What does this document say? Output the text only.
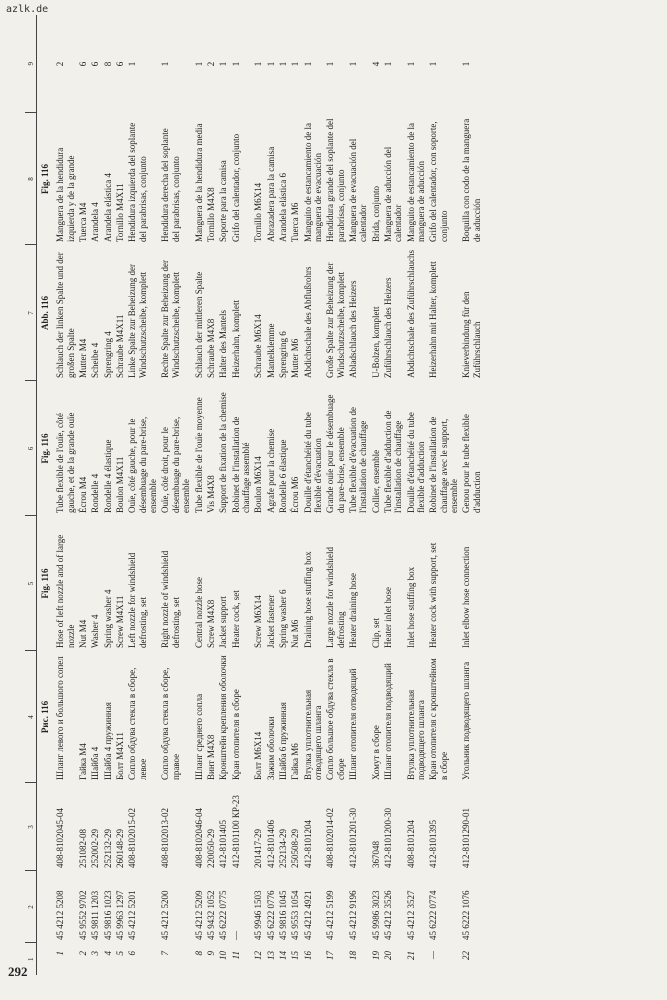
azlk.de
292
1	2	3	4	5	6	7	8	9
			Рис. 116	Fig. 116	Fig. 116	Abb. 116	Fig. 116	
1	45 4212 5208	408-8102045-04	Шланг левого и большого сопел	Hose of left nozzle and of large nozzle	Tube flexible de l'ouïe, côté gauche, et de la grande ouïe	Schlauch der linken Spalte und der großen Spalte	Manguera de la hendidura izquierda y de la grande	2
2	45 9552 9702	251082-08	Гайка М4	Nut M4	Écrou M4	Mutter M4	Tuerca M4	6
3	45 9811 1203	252002-29	Шайба 4	Washer 4	Rondelle 4	Scheibe 4	Arandela 4	6
4	45 9816 1023	252132-29	Шайба 4 пружинная	Spring washer 4	Rondelle 4 élastique	Sprengring 4	Arandela elástica 4	8
5	45 9963 1297	260148-29	Болт М4Х11	Screw M4X11	Boulon M4X11	Schraube M4X11	Tornillo M4X11	6
6	45 4212 5201	408-8102015-02	Сопло обдува стекла в сборе, левое	Left nozzle for windshield defrosting, set	Ouïe, côté gauche, pour le désembuage du pare-brise, ensemble	Linke Spalte zur Beheizung der Windschutzscheibe, komplett	Hendidura izquierda del soplante del parabrisas, conjunto	1
7	45 4212 5200	408-8102013-02	Сопло обдува стекла в сборе, правое	Right nozzle of windshield defrosting, set	Ouïe, côté droit, pour le désembuage du pare-brise, ensemble	Rechte Spalte zur Beheizung der Windschutzscheibe, komplett	Hendidura derecha del soplante del parabrisas, conjunto	1
8	45 4212 5209	408-8102046-04	Шланг среднего сопла	Central nozzle hose	Tube flexible de l'ouïe moyenne	Schlauch der mittleren Spalte	Manguera de la hendidura media	1
9	45 9432 1052	220050-29	Винт М4Х8	Screw M4X8	Vis M4X8	Schraube M4X8	Tornillo M4X8	2
10	45 6222 0775	412-8101405	Кронштейн крепления оболочки	Jacket support	Support de fixation de la chemise	Halter des Mantels	Soporte para la camisa	1
11	—	412-8101100 КР-23	Кран отопителя в сборе	Heater cock, set	Robinet de l'installation de chauffage assemblé	Heizerhahn, komplett	Grifo del calentador, conjunto	1
12	45 9946 1503	201417-29	Болт М6Х14	Screw M6X14	Boulon M6X14	Schraube M6X14	Tornillo M6X14	1
13	45 6222 0776	412-8101406	Зажим оболочки	Jacket fastener	Agrafe pour la chemise	Mantelklemme	Abrazadera para la camisa	1
14	45 9816 1045	252134-29	Шайба 6 пружинная	Spring washer 6	Rondelle 6 élastique	Sprengring 6	Arandela elástica 6	1
15	45 9553 1054	250508-29	Гайка М6	Nut M6	Écrou M6	Mutter M6	Tuerca M6	1
16	45 4212 4921	412-8101204	Втулка уплотнительная отводящего шланга	Draining hose stuffing box	Douille d'étanchéité du tube flexible d'évacuation	Abdichtschale des Abflußrohrs	Manguito de estancamiento de la manguera de evacuación	1
17	45 4212 5199	408-8102014-02	Сопло большое обдува стекла в сборе	Large nozzle for windshield defrosting	Grande ouïe pour le désembuage du pare-brise, ensemble	Große Spalte zur Beheizung der Windschutzscheibe, komplett	Hendidura grande del soplante del parabrisas, conjunto	1
18	45 4212 9196	412-8101201-30	Шланг отопителя отводящий	Heater draining hose	Tube flexible d'évacuation de l'installation de chauffage	Abladschlauch des Heizers	Manguera de evacuación del calentador	1
19	45 9986 3023	367048	Хомут в сборе	Clip, set	Collier, ensemble	U-Bolzen, komplett	Brida, conjunto	4
20	45 4212 3526	412-8101200-30	Шланг отопителя подводящий	Heater inlet hose	Tube flexible d'adduction de l'installation de chauffage	Zuführschlauch des Heizers	Manguera de aducción del calentador	1
21	45 4212 3527	408-8101204	Втулка уплотнительная подводящего шланга	Inlet hose stuffing box	Douille d'étanchéité du tube flexible d'adduction	Abdichtschale des Zuführschlauchs	Manguito de estancamiento de la manguera de aducción	1
—	45 6222 0774	412-8101395	Кран отопителя с кронштейном в сборе	Heater cock with support, set	Robinet de l'installation de chauffage avec le support, ensemble	Heizerhahn mit Halter, komplett	Grifo del calentador, con soporte, conjunto	1
22	45 6222 1076	412-8101290-01	Угольник подводящего шланга	Inlet elbow hose connection	Genou pour le tube flexible d'adduction	Knieverbindung für den Zuführschlauch	Boquilla con codo de la manguera de aducción	1
